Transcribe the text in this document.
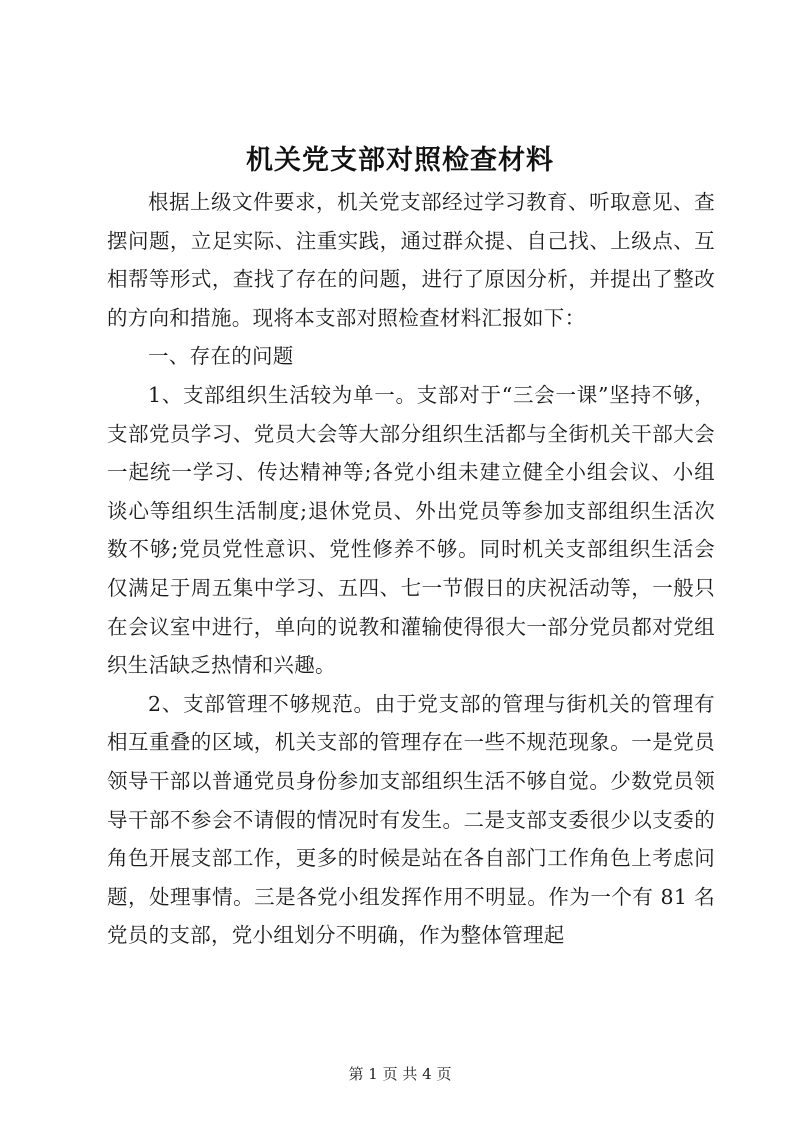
机关党支部对照检查材料

根据上级文件要求，机关党支部经过学习教育、听取意见、查摆问题，立足实际、注重实践，通过群众提、自己找、上级点、互相帮等形式，查找了存在的问题，进行了原因分析，并提出了整改的方向和措施。现将本支部对照检查材料汇报如下：

一、存在的问题

1、支部组织生活较为单一。支部对于“三会一课”坚持不够，支部党员学习、党员大会等大部分组织生活都与全街机关干部大会一起统一学习、传达精神等;各党小组未建立健全小组会议、小组谈心等组织生活制度;退休党员、外出党员等参加支部组织生活次数不够;党员党性意识、党性修养不够。同时机关支部组织生活会仅满足于周五集中学习、五四、七一节假日的庆祝活动等，一般只在会议室中进行，单向的说教和灌输使得很大一部分党员都对党组织生活缺乏热情和兴趣。

2、支部管理不够规范。由于党支部的管理与街机关的管理有相互重叠的区域，机关支部的管理存在一些不规范现象。一是党员领导干部以普通党员身份参加支部组织生活不够自觉。少数党员领导干部不参会不请假的情况时有发生。二是支部支委很少以支委的角色开展支部工作，更多的时候是站在各自部门工作角色上考虑问题，处理事情。三是各党小组发挥作用不明显。作为一个有 81 名党员的支部，党小组划分不明确，作为整体管理起

第 1 页 共 4 页
